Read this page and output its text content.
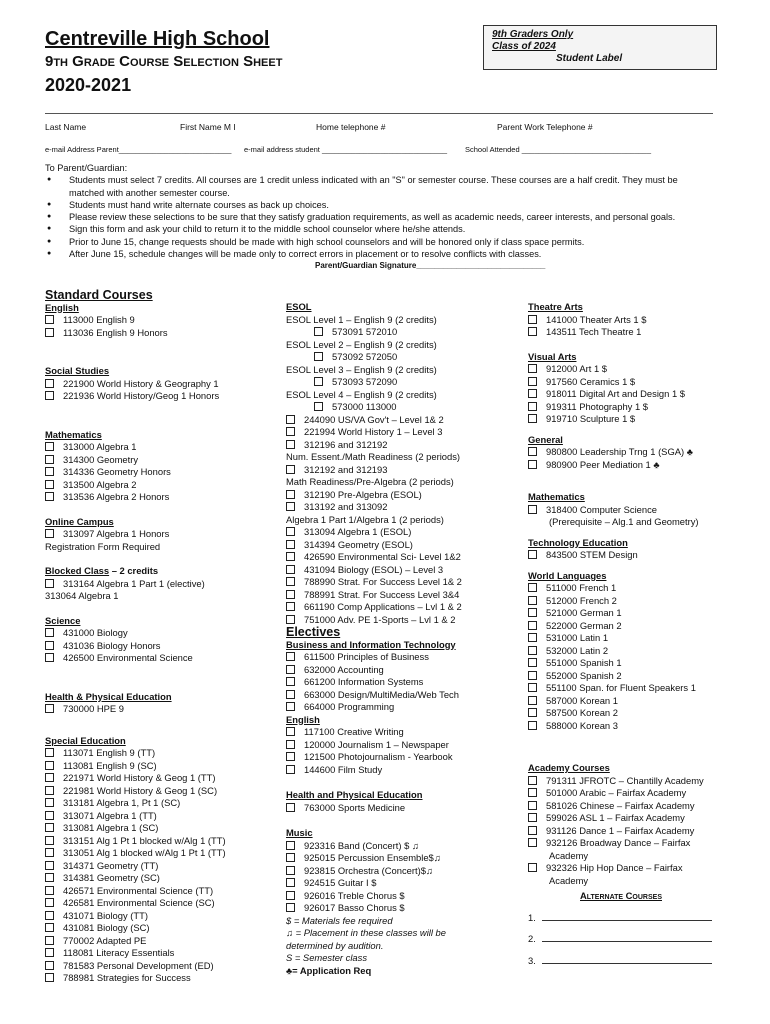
Centreville High School
9th Grade Course Selection Sheet
2020-2021
9th Graders Only
Class of 2024
Student Label
Last Name	First Name M I	Home telephone #	Parent Work Telephone #
e-mail Address Parent___________________________ e-mail address student ______________________________ School Attended _______________________________
To Parent/Guardian:
● Students must select 7 credits. All courses are 1 credit unless indicated with an "S" or semester course. These courses are a half credit. They must be matched with another semester course.
● Students must hand write alternate courses as back up choices.
● Please review these selections to be sure that they satisfy graduation requirements, as well as academic needs, career interests, and personal goals.
● Sign this form and ask your child to return it to the middle school counselor where he/she attends.
● Prior to June 15, change requests should be made with high school counselors and will be honored only if class space permits.
● After June 15, schedule changes will be made only to correct errors in placement or to resolve conflicts with classes.
Parent/Guardian Signature_____________________________
Standard Courses
English
113000 English 9
113036 English 9 Honors
Social Studies
221900 World History & Geography 1
221936 World History/Geog 1 Honors
Mathematics
313000 Algebra 1
314300 Geometry
314336 Geometry Honors
313500 Algebra 2
313536 Algebra 2 Honors
Online Campus
313097 Algebra 1 Honors
Registration Form Required
Blocked Class – 2 credits
313164 Algebra 1 Part 1 (elective)
313064 Algebra 1
Science
431000 Biology
431036 Biology Honors
426500 Environmental Science
Health & Physical Education
730000 HPE 9
Special Education
113071 English 9 (TT)
113081 English 9 (SC)
221971 World History & Geog 1 (TT)
221981 World History & Geog 1 (SC)
313181 Algebra 1, Pt 1 (SC)
313071 Algebra 1 (TT)
313081 Algebra 1 (SC)
313151 Alg 1 Pt 1 blocked w/Alg 1 (TT)
313051 Alg 1 blocked w/Alg 1 Pt 1 (TT)
314371 Geometry (TT)
314381 Geometry (SC)
426571 Environmental Science (TT)
426581 Environmental Science (SC)
431071 Biology (TT)
431081 Biology (SC)
770002 Adapted PE
118081 Literacy Essentials
781583 Personal Development (ED)
788981 Strategies for Success
ESOL
ESOL Level 1 – English 9 (2 credits)
573091 572010
ESOL Level 2 – English 9 (2 credits)
573092 572050
ESOL Level 3 – English 9 (2 credits)
573093 572090
ESOL Level 4 – English 9 (2 credits)
573000 113000
244090 US/VA Gov't – Level 1& 2
221994 World History 1 – Level 3
312196 and 312192
Num. Essent./Math Readiness (2 periods)
312192 and 312193
Math Readiness/Pre-Algebra (2 periods)
312190 Pre-Algebra (ESOL)
313192 and 313092
Algebra 1 Part 1/Algebra 1 (2 periods)
313094 Algebra 1 (ESOL)
314394 Geometry (ESOL)
426590 Environmental Sci- Level 1&2
431094 Biology (ESOL) – Level 3
788990 Strat. For Success Level 1& 2
788991 Strat. For Success Level 3&4
661190 Comp Applications – Lvl 1 & 2
751000 Adv. PE 1-Sports – Lvl 1 & 2
Electives
Business and Information Technology
611500 Principles of Business
632000 Accounting
661200 Information Systems
663000 Design/MultiMedia/Web Tech
664000 Programming
English
117100 Creative Writing
120000 Journalism 1 – Newspaper
121500 Photojournalism - Yearbook
144600 Film Study
Health and Physical Education
763000 Sports Medicine
Music
923316 Band (Concert) $ ♫
925015 Percussion Ensemble$♫
923815 Orchestra (Concert)$♫
924515 Guitar I $
926016 Treble Chorus $
926017 Basso Chorus $
$ = Materials fee required
♫ = Placement in these classes will be
determined by audition.
S = Semester class
♣= Application Req
Theatre Arts
141000 Theater Arts 1 $
143511 Tech Theatre 1
Visual Arts
912000 Art 1 $
917560 Ceramics 1 $
918011 Digital Art and Design 1 $
919311 Photography 1 $
919710 Sculpture 1 $
General
980800 Leadership Trng 1 (SGA) ♣
980900 Peer Mediation 1 ♣
Mathematics
318400 Computer Science
(Prerequisite – Alg.1 and Geometry)
Technology Education
843500 STEM Design
World Languages
511000 French 1
512000 French 2
521000 German 1
522000 German 2
531000 Latin 1
532000 Latin 2
551000 Spanish 1
552000 Spanish 2
551100 Span. for Fluent Speakers 1
587000 Korean 1
587500 Korean 2
588000 Korean 3
Academy Courses
791311 JFROTC – Chantilly Academy
501000 Arabic – Fairfax Academy
581026 Chinese – Fairfax Academy
599026 ASL 1 – Fairfax Academy
931126 Dance 1 – Fairfax Academy
932126 Broadway Dance – Fairfax
Academy
932326 Hip Hop Dance – Fairfax
Academy
Alternate Courses
1.
2.
3.
